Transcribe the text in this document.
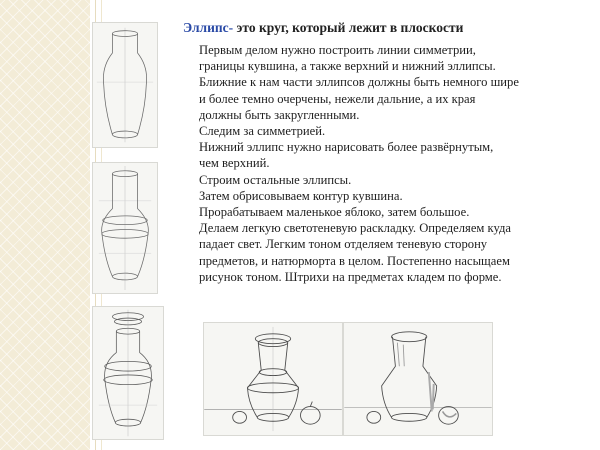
Эллипс- это круг, который лежит в плоскости
Первым делом нужно построить линии симметрии,
границы кувшина, а также верхний и нижний эллипсы.
Ближние к нам части эллипсов должны быть немного шире
и более темно очерчены, нежели дальние, а их края
должны быть закругленными.
Следим за симметрией.
Нижний эллипс нужно нарисовать более развёрнутым,
чем верхний.
Строим остальные эллипсы.
Затем обрисовываем контур кувшина.
Прорабатываем маленькое яблоко, затем большое.
Делаем легкую светотеневую раскладку. Определяем куда
падает свет. Легким тоном отделяем теневую сторону
предметов, и натюрморта в целом. Постепенно насыщаем
рисунок тоном. Штрихи на предметах кладем по форме.
